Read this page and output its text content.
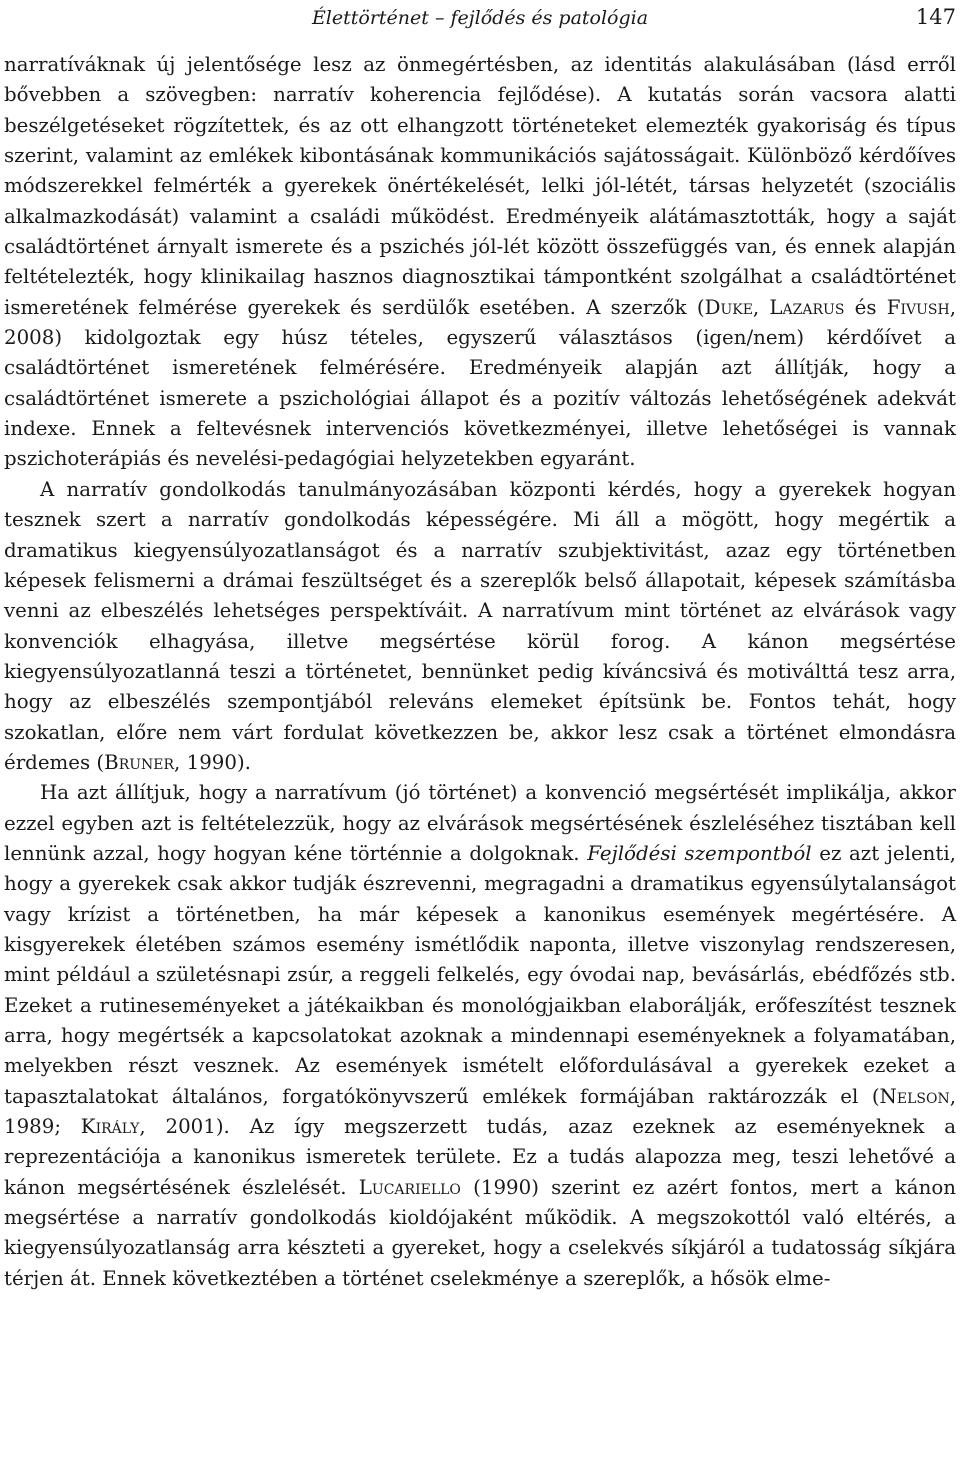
Élettörténet – fejlődés és patológia	147

narratíváknak új jelentősége lesz az önmegértésben, az identitás alakulásában (lásd erről bővebben a szövegben: narratív koherencia fejlődése). A kutatás során vacsora alatti beszélgetéseket rögzítettek, és az ott elhangzott történeteket elemezték gyakoriság és típus szerint, valamint az emlékek kibontásának kommunikációs sajátosságait. Különböző kérdőíves módszerekkel felmérték a gyerekek önértékelését, lelki jól-létét, társas helyzetét (szociális alkalmazkodását) valamint a családi működést. Eredményeik alátámasztották, hogy a saját családtörténet árnyalt ismerete és a pszichés jól-lét között összefüggés van, és ennek alapján feltételezték, hogy klinikailag hasznos diagnosztikai támpontként szolgálhat a családtörténet ismeretének felmérése gyerekek és serdülők esetében. A szerzők (Duke, Lazarus és Fivush, 2008) kidolgoztak egy húsz tételes, egyszerű választásos (igen/nem) kérdőívet a családtörténet ismeretének felmérésére. Eredményeik alapján azt állítják, hogy a családtörténet ismerete a pszichológiai állapot és a pozitív változás lehetőségének adekvát indexe. Ennek a feltevésnek intervenciós következményei, illetve lehetőségei is vannak pszichoterápiás és nevelési-pedagógiai helyzetekben egyaránt.

A narratív gondolkodás tanulmányozásában központi kérdés, hogy a gyerekek hogyan tesznek szert a narratív gondolkodás képességére. Mi áll a mögött, hogy megértik a dramatikus kiegyensúlyozatlanságot és a narratív szubjektivitást, azaz egy történetben képesek felismerni a drámai feszültséget és a szereplők belső állapotait, képesek számításba venni az elbeszélés lehetséges perspektíváit. A narratívum mint történet az elvárások vagy konvenciók elhagyása, illetve megsértése körül forog. A kánon megsértése kiegyensúlyozatlanná teszi a történetet, bennünket pedig kíváncsivá és motiválttá tesz arra, hogy az elbeszélés szempontjából releváns elemeket építsünk be. Fontos tehát, hogy szokatlan, előre nem várt fordulat következzen be, akkor lesz csak a történet elmondásra érdemes (Bruner, 1990).

Ha azt állítjuk, hogy a narratívum (jó történet) a konvenció megsértését implikálja, akkor ezzel egyben azt is feltételezzük, hogy az elvárások megsértésének észleléséhez tisztában kell lennünk azzal, hogy hogyan kéne történnie a dolgoknak. Fejlődési szempontból ez azt jelenti, hogy a gyerekek csak akkor tudják észrevenni, megragadni a dramatikus egyensúlytalanságot vagy krízist a történetben, ha már képesek a kanonikus események megértésére. A kisgyerekek életében számos esemény ismétlődik naponta, illetve viszonylag rendszeresen, mint például a születésnapi zsúr, a reggeli felkelés, egy óvodai nap, bevásárlás, ebédfőzés stb. Ezeket a rutineseményeket a játékaikban és monológjaikban elaborálják, erőfeszítést tesznek arra, hogy megértsék a kapcsolatokat azoknak a mindennapi eseményeknek a folyamatában, melyekben részt vesznek. Az események ismételt előfordulásával a gyerekek ezeket a tapasztalatokat általános, forgatókönyvszerű emlékek formájában raktározzák el (Nelson, 1989; Király, 2001). Az így megszerzett tudás, azaz ezeknek az eseményeknek a reprezentációja a kanonikus ismeretek területe. Ez a tudás alapozza meg, teszi lehetővé a kánon megsértésének észlelését. Lucariello (1990) szerint ez azért fontos, mert a kánon megsértése a narratív gondolkodás kioldójaként működik. A megszokottól való eltérés, a kiegyensúlyozatlanság arra készteti a gyereket, hogy a cselekvés síkjáról a tudatosság síkjára térjen át. Ennek következtében a történet cselekménye a szereplők, a hősök elme-
